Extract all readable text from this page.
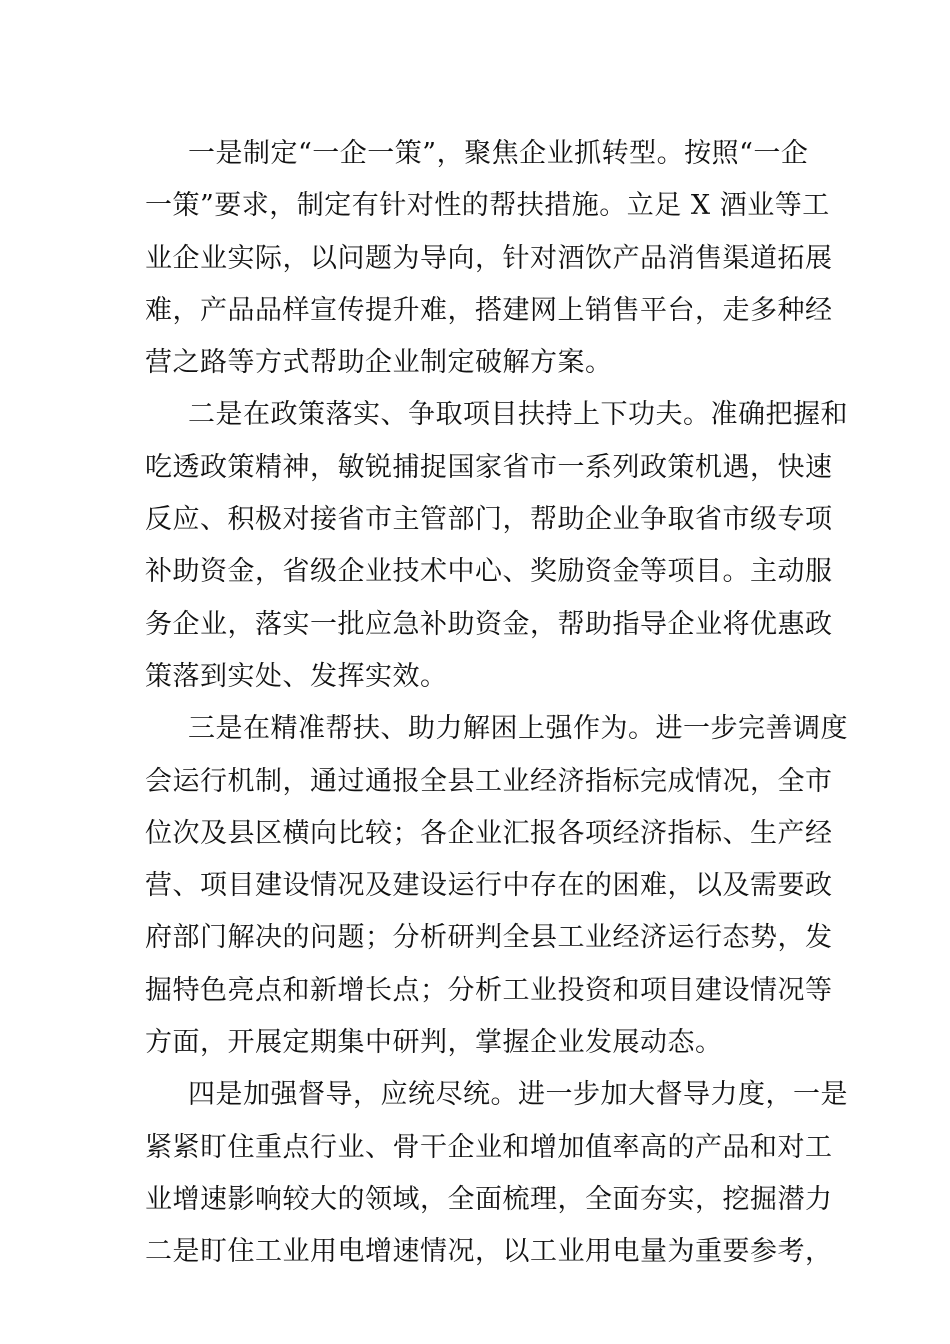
一是制定“一企一策”，聚焦企业抓转型。按照“一企
一策”要求，制定有针对性的帮扶措施。立足 X 酒业等工
业企业实际，以问题为导向，针对酒饮产品消售渠道拓展
难，产品品样宣传提升难，搭建网上销售平台，走多种经
营之路等方式帮助企业制定破解方案。
二是在政策落实、争取项目扶持上下功夫。准确把握和
吃透政策精神，敏锐捕捉国家省市一系列政策机遇，快速
反应、积极对接省市主管部门，帮助企业争取省市级专项
补助资金，省级企业技术中心、奖励资金等项目。主动服
务企业，落实一批应急补助资金，帮助指导企业将优惠政
策落到实处、发挥实效。
三是在精准帮扶、助力解困上强作为。进一步完善调度
会运行机制，通过通报全县工业经济指标完成情况，全市
位次及县区横向比较；各企业汇报各项经济指标、生产经
营、项目建设情况及建设运行中存在的困难，以及需要政
府部门解决的问题；分析研判全县工业经济运行态势，发
掘特色亮点和新增长点；分析工业投资和项目建设情况等
方面，开展定期集中研判，掌握企业发展动态。
四是加强督导，应统尽统。进一步加大督导力度，一是
紧紧盯住重点行业、骨干企业和增加值率高的产品和对工
业增速影响较大的领域，全面梳理，全面夯实，挖掘潜力
二是盯住工业用电增速情况，以工业用电量为重要参考，
